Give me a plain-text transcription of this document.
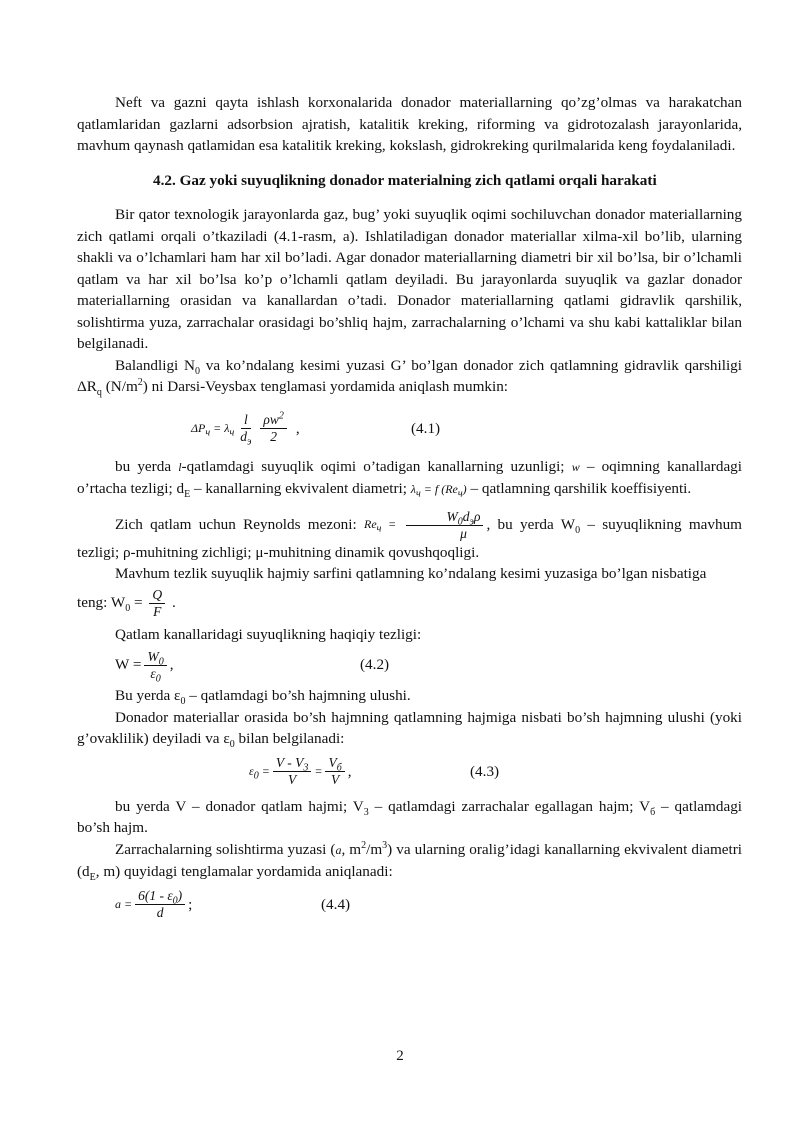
Neft va gazni qayta ishlash korxonalarida donador materiallarning qo’zg’olmas va harakatchan qatlamlaridan gazlarni adsorbsion ajratish, katalitik kreking, riforming va gidrotozalash jarayonlarida, mavhum qaynash qatlamidan esa katalitik kreking, kokslash, gidrokreking qurilmalarida keng foydalaniladi.

4.2. Gaz yoki suyuqlikning donador materialning zich qatlami orqali harakati

Bir qator texnologik jarayonlarda gaz, bug’ yoki suyuqlik oqimi sochiluvchan donador materiallarning zich qatlami orqali o’tkaziladi (4.1-rasm, a). Ishlatiladigan donador materiallar xilma-xil bo’lib, ularning shakli va o’lchamlari ham har xil bo’ladi. Agar donador materiallarning diametri bir xil bo’lsa, bir o’lchamli qatlam va har xil bo’lsa ko’p o’lchamli qatlam deyiladi. Bu jarayonlarda suyuqlik va gazlar donador materiallarning orasidan va kanallardan o’tadi. Donador materiallarning qatlami gidravlik qarshilik, solishtirma yuza, zarrachalar orasidagi bo’shliq hajm, zarrachalarning o’lchami va shu kabi kattaliklar bilan belgilanadi.

Balandligi $N_0$ va ko’ndalang kesimi yuzasi G’ bo’lgan donador zich qatlamning gidravlik qarshiligi $\Delta R_q$ $(N/m^2)$ ni Darsi-Veysbax tenglamasi yordamida aniqlash mumkin:

$\Delta P_ч = \lambda_ч \frac{l}{d_э} \frac{\rho w^2}{2}$ ,	(4.1)

bu yerda l-qatlamdagi suyuqlik oqimi o’tadigan kanallarning uzunligi; w – oqimning kanallardagi o’rtacha tezligi; $d_E$ – kanallarning ekvivalent diametri; $\lambda_ч = f$ $(Re_ч)$ – qatlamning qarshilik koeffisiyenti.

Zich qatlam uchun Reynolds mezoni: $Re_ч = \frac{W_0d_э\rho}{\mu}$ , bu yerda $W_0$ – suyuqlikning mavhum tezligi; ρ-muhitning zichligi; μ-muhitning dinamik qovushqoqligi.

Mavhum tezlik suyuqlik hajmiy sarfini qatlamning ko’ndalang kesimi yuzasiga bo’lgan nisbatiga

teng: $W_0 = \frac{Q}{F}$ .

Qatlam kanallaridagi suyuqlikning haqiqiy tezligi:

$W = \frac{W_0}{\varepsilon_0}$ ,	(4.2)

Bu yerda $\varepsilon_0$ – qatlamdagi bo’sh hajmning ulushi.

Donador materiallar orasida bo’sh hajmning qatlamning hajmiga nisbati bo’sh hajmning ulushi (yoki g’ovaklilik) deyiladi va $\varepsilon_0$ bilan belgilanadi:

$\varepsilon_0 = \frac{V - V_3}{V} = \frac{V_б}{V}$ ,	(4.3)

bu yerda V – donador qatlam hajmi; $V_3$ – qatlamdagi zarrachalar egallagan hajm; $V_б$ – qatlamdagi bo’sh hajm.

Zarrachalarning solishtirma yuzasi (a, $m^2/m^3$) va ularning oralig’idagi kanallarning ekvivalent diametri ($d_E$, m) quyidagi tenglamalar yordamida aniqlanadi:

$a = \frac{6(1 - \varepsilon_0)}{d}$ ;	(4.4)
2
